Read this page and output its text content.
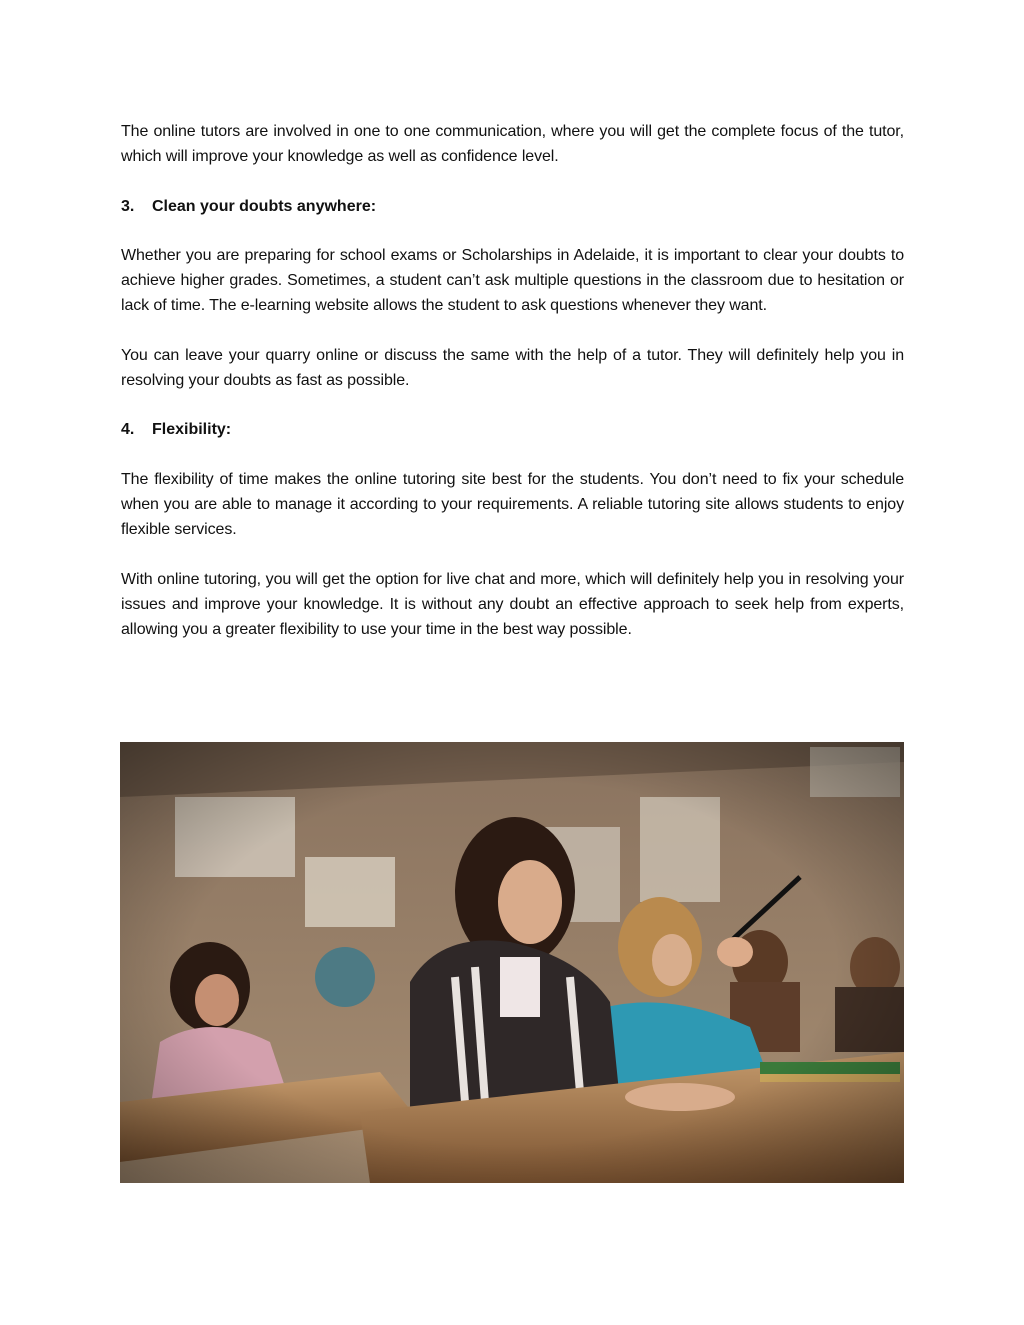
The online tutors are involved in one to one communication, where you will get the complete focus of the tutor, which will improve your knowledge as well as confidence level.

3.	Clean your doubts anywhere:

Whether you are preparing for school exams or Scholarships in Adelaide, it is important to clear your doubts to achieve higher grades. Sometimes, a student can’t ask multiple questions in the classroom due to hesitation or lack of time. The e-learning website allows the student to ask questions whenever they want.

You can leave your quarry online or discuss the same with the help of a tutor. They will definitely help you in resolving your doubts as fast as possible.

4.	Flexibility:

The flexibility of time makes the online tutoring site best for the students. You don’t need to fix your schedule when you are able to manage it according to your requirements. A reliable tutoring site allows students to enjoy flexible services.

With online tutoring, you will get the option for live chat and more, which will definitely help you in resolving your issues and improve your knowledge. It is without any doubt an effective approach to seek help from experts, allowing you a greater flexibility to use your time in the best way possible.
